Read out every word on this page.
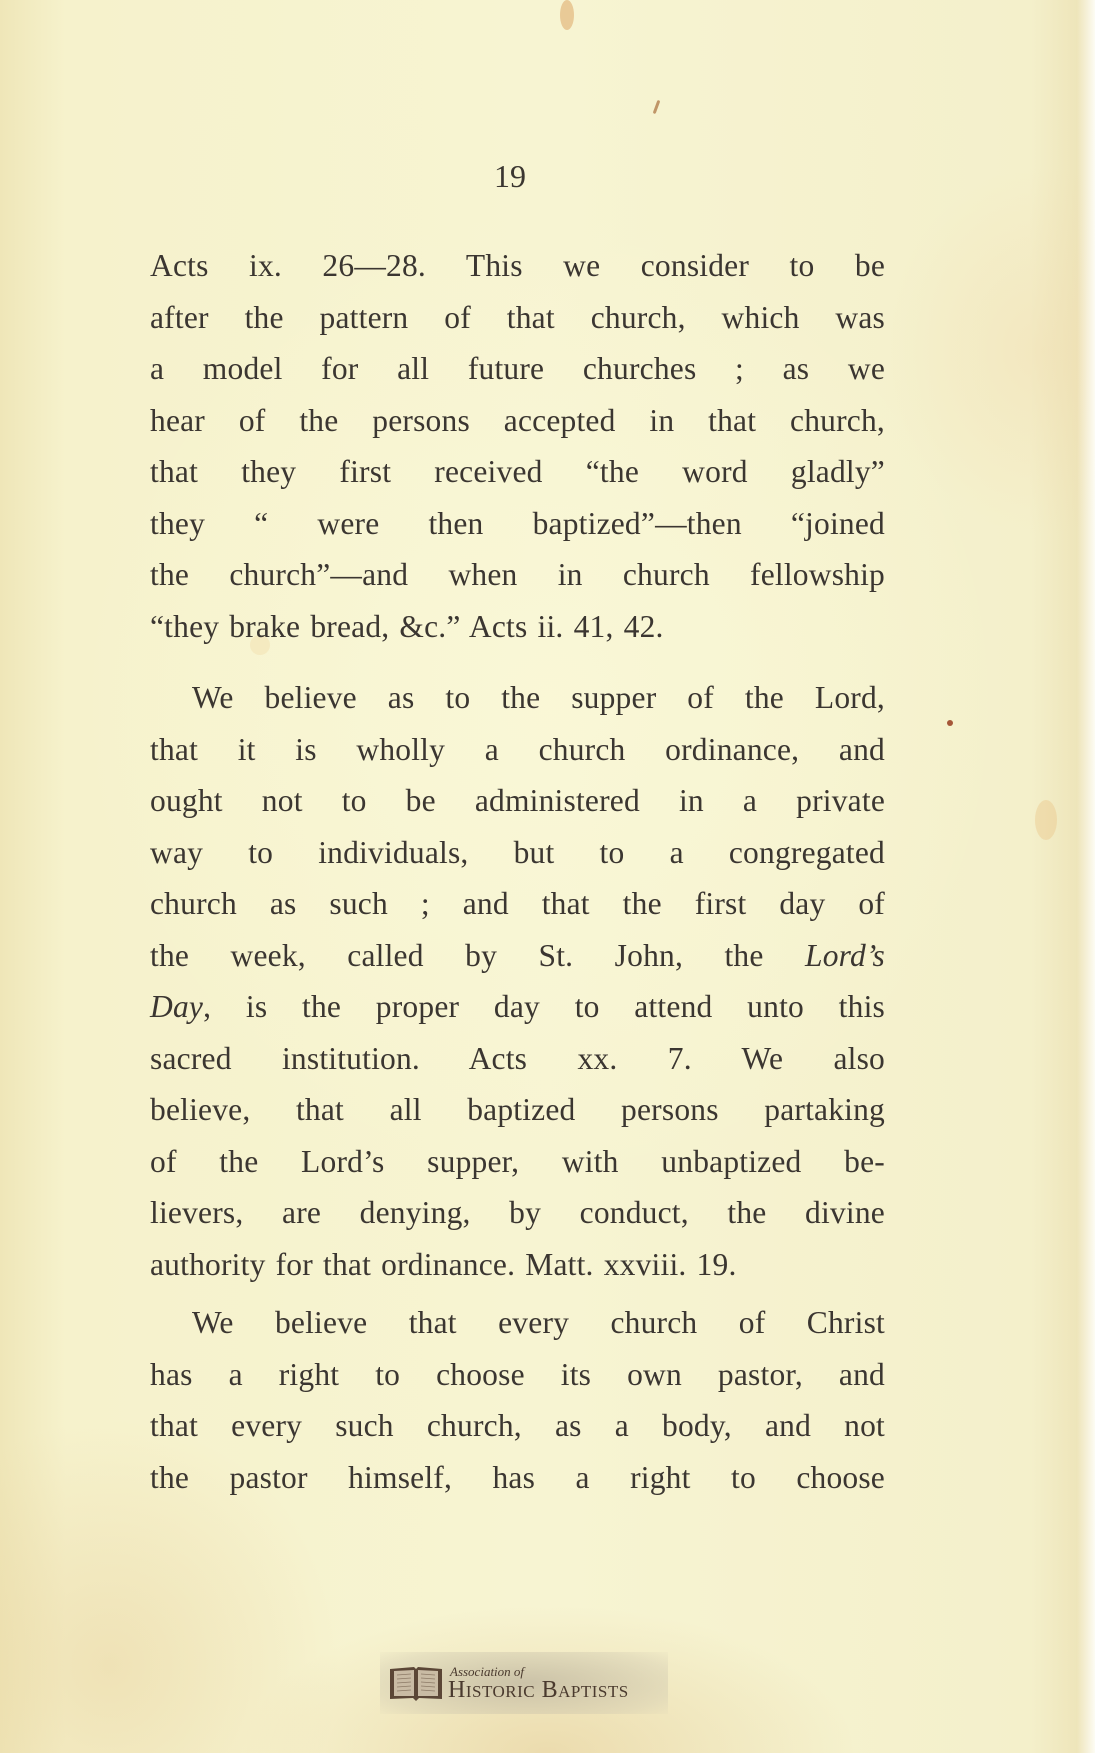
19
Acts ix. 26—28. This we consider to be
after the pattern of that church, which was
a model for all future churches ; as we
hear of the persons accepted in that church,
that they first received “the word gladly”
they “ were then baptized”—then “joined
the church”—and when in church fellowship
“they brake bread, &c.” Acts ii. 41, 42.
We believe as to the supper of the Lord,
that it is wholly a church ordinance, and
ought not to be administered in a private
way to individuals, but to a congregated
church as such ; and that the first day of
the week, called by St. John, the Lord’s
Day, is the proper day to attend unto this
sacred institution. Acts xx. 7. We also
believe, that all baptized persons partaking
of the Lord’s supper, with unbaptized be-
lievers, are denying, by conduct, the divine
authority for that ordinance. Matt. xxviii. 19.
We believe that every church of Christ
has a right to choose its own pastor, and
that every such church, as a body, and not
the pastor himself, has a right to choose
Association of
Historic Baptists
